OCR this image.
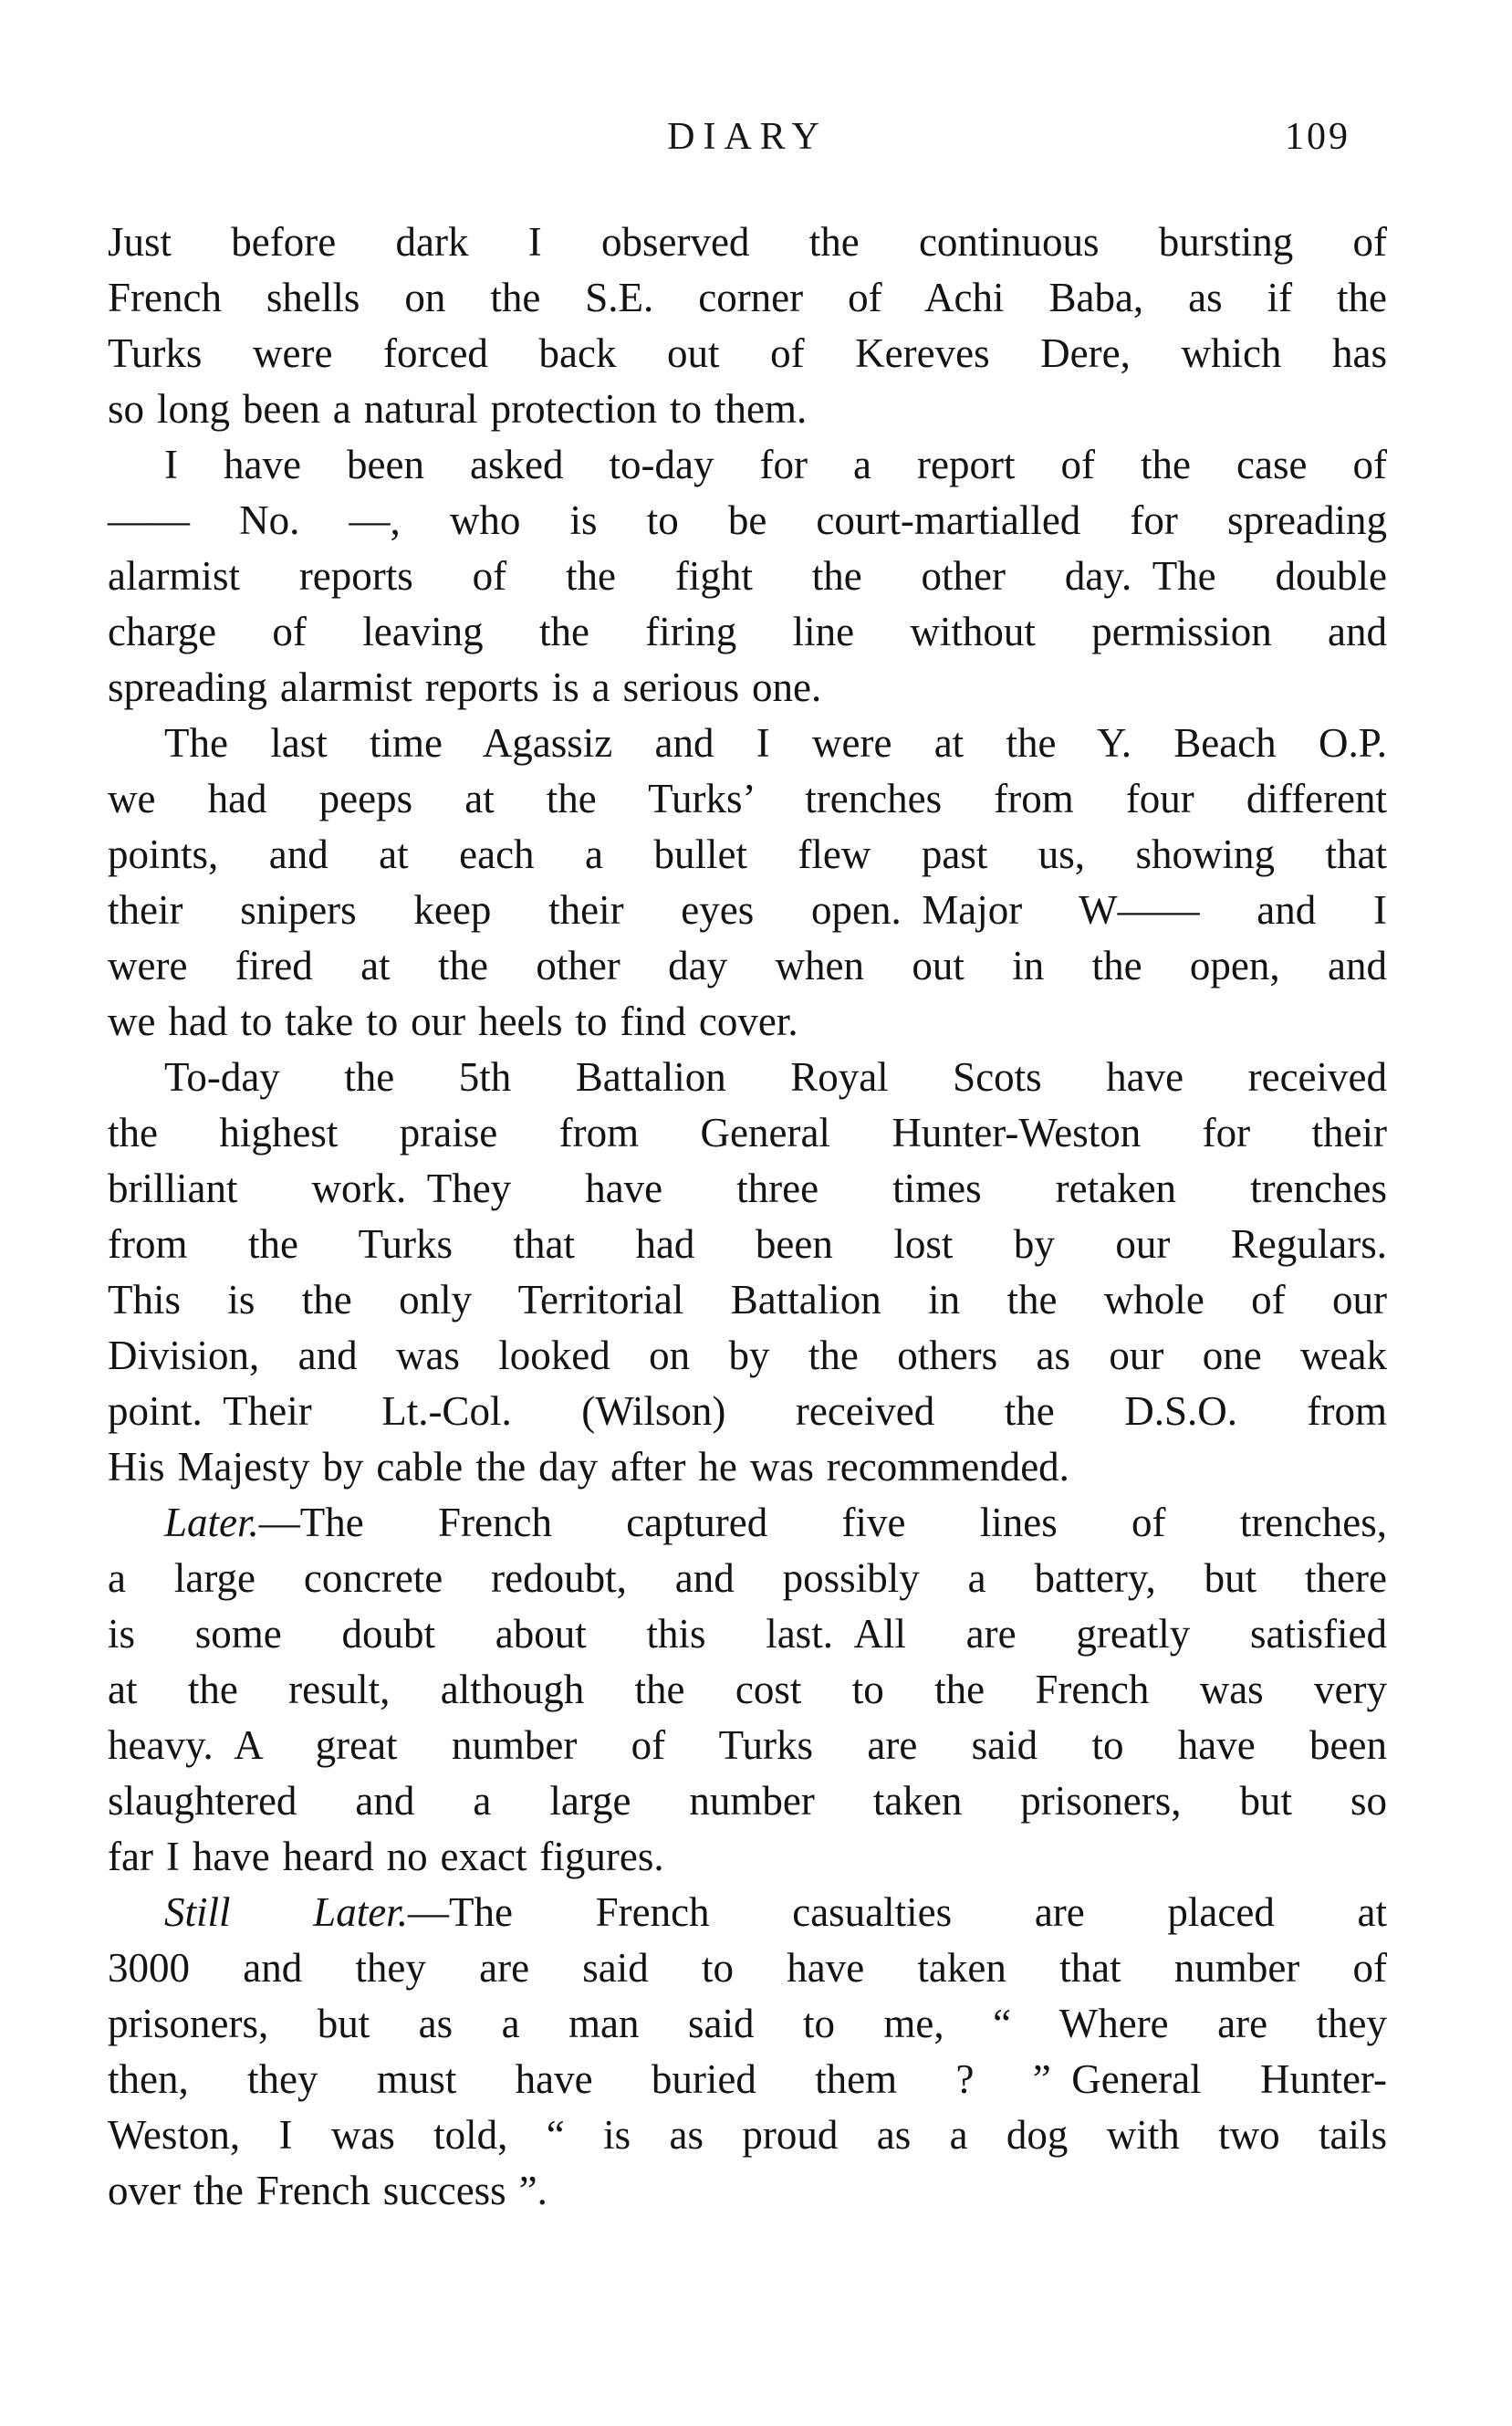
DIARY	109
Just before dark I observed the continuous bursting of
French shells on the S.E. corner of Achi Baba, as if the
Turks were forced back out of Kereves Dere, which has
so long been a natural protection to them.
I have been asked to-day for a report of the case of
—— No. —, who is to be court-martialled for spreading
alarmist reports of the fight the other day. The double
charge of leaving the firing line without permission and
spreading alarmist reports is a serious one.
The last time Agassiz and I were at the Y. Beach O.P.
we had peeps at the Turks’ trenches from four different
points, and at each a bullet flew past us, showing that
their snipers keep their eyes open. Major W—— and I
were fired at the other day when out in the open, and
we had to take to our heels to find cover.
To-day the 5th Battalion Royal Scots have received
the highest praise from General Hunter-Weston for their
brilliant work. They have three times retaken trenches
from the Turks that had been lost by our Regulars.
This is the only Territorial Battalion in the whole of our
Division, and was looked on by the others as our one weak
point. Their Lt.-Col. (Wilson) received the D.S.O. from
His Majesty by cable the day after he was recommended.
Later.—The French captured five lines of trenches,
a large concrete redoubt, and possibly a battery, but there
is some doubt about this last. All are greatly satisfied
at the result, although the cost to the French was very
heavy. A great number of Turks are said to have been
slaughtered and a large number taken prisoners, but so
far I have heard no exact figures.
Still Later.—The French casualties are placed at
3000 and they are said to have taken that number of
prisoners, but as a man said to me, “ Where are they
then, they must have buried them ? ” General Hunter-
Weston, I was told, “ is as proud as a dog with two tails
over the French success ”.
